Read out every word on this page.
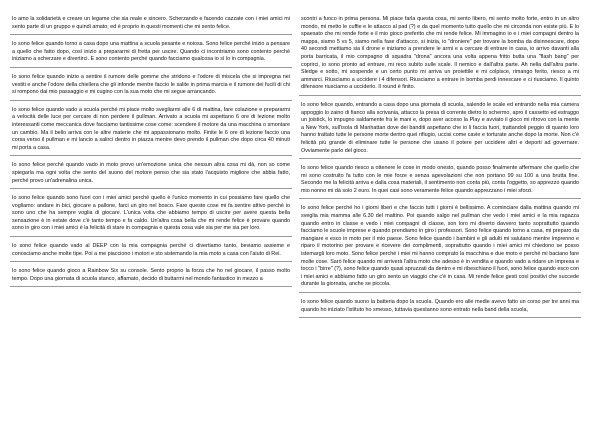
Io amo la solidarietà e creare un legame che sia reale e sincero. Scherzando e facendo cazzate con i miei amici mi sento parte di un gruppo e quindi amato; ed è proprio in questi momenti che mi sento felice.

Io sono felice quando torno a casa dopo una mattina a scuola pesante e noiosa. Sono felice perché inizio a pensare a quello che fatto dopo, così inizio a prepararmi di fretta per uscire. Quando ci incontriamo sono contento perché iniziamo a scherzare e divertirci. E sono contento perché quando facciamo qualcosa io sì lo in compagnia.

Io sono felice quando inizio a sentire il rumore delle gomme che stridono e l'odore di miscela che si impregna nei vestiti e anche l'odore della chiellera che gli infonde mentre faccio le salite in prima marcia e il rumore dei fucili di chi si rompono dai mio passaggio e mi cugino con la sua moto che mi segue arrancando.

Io sono felice quando vado a scuola perché mi piace molto svegliarmi alle 6 di mattina, fare colazione e prepararmi a velocità delle luce per cercare di non perdere il pullman. Arrivato a scuola mi aspettano 6 ore di lezione molto interessanti come meccanica dove facciamo tantissime cose come: scendere il motore da una macchina o smontare un cambio. Ma il bello arriva con le altre materie che mi appassionano molto. Finite le 6 ore di lezione faccio una corsa verso il pullman e mi lancio a salirci dentro in piazza mentre devo prendo il pullman che dopo circa 40 minuti mi porta a casa.

Io sono felice perché quando vado in moto provo un'emozione unica che nessun altra cosa mi dà, non so come spiegarla ma ogni volta che sento del suono del motore penso che sia stato l'acquisto migliore che abbia fatto, perché provo un'adrenalina unica.

Io sono felice quando sono fuori con i miei amici perché quello è l'unico momento in cui possiamo fare quello che vogliamo: andare in bici, giocare a pallone, farci un giro nel bosco. Fare queste cose mi fa sentire attivo perché io sono uno che ha sempre voglia di giocare. L'unica volta che abbiamo tempo di uscire per avere questa bella sensazione è in estate dove c'è tanto tempo e fa caldo. Un'altra cosa bella che mi rende felice è provare quando sono in giro con i miei amici è la felicità di stare in compagnia e questa cosa vale sia per me sia per loro.

Io sono felice quando vado al DEEP con la mia compagnia perché ci divertiamo tanto, beviamo assieme e conosciamo anche molte tipe. Poi a me piacciono i motori e sto sistemando la mia moto a casa con l'aiuto di Rei.

Io sono felice quando gioco a Rainbow Six su console. Sento proprio la forza che ho nel giocare, il passo molto tempo. Dopo una giornata di scuola stanco, affamato, decido di buttarmi nel mondo fantastico in mezzo a

scontri a fuoco in prima persona. Mi piace farla questa cosa, mi sento libero, mi sento molto forte, entro in un altro mondo, mi metto le cuffie e le attacco al pad (?) e da quel momento tutto quello che mi circonda non esiste più. E lo spaesato che mi rende forte e il mio gioco preferito che mi rende felice. Mi immagino io e i miei compagni dentro la mappa, siamo 5 vs 5, siamo nella fase d'attacco, si inizia, io "droniere" per trovare la bomba da disinnescare, dopo 40 secondi mettiamo sia il drone e iniziamo a prendere le armi e a cercare di entrare in casa, io arrivo davanti alla porta barricata, il mio compagno di squadra "drona" ancora una volta appena fritto butta una "flash bang" per coprirci, io sono pronto ad entrare, mi reco subito sulle scale. Il nemico e dall'altra parte. Ah nella dall'altra parte. Sledge e sotto, mi sospende e un certo punto mi arriva un proiettile e mi colpisce, rimango ferito, riesco a mi ammarci. Riusciamo a uccidere i 4 difensori. Riusciamo a entrare in bomba perdi innescare e ci riusciamo. Il quinto difensore riusciamo a ucciderlo. Il round è finito.

Io sono felice quando, entrando a casa dopo una giornata di scuola, salendo le scale ed entrando nella mia camera appoggio lo zaino di fianco alla scrivania, attacco la presa di corrente dietro lo schermo, apro il cassetto ed estraggo un joistick, lo impugno saldamente fra le mani e, dopo aver acceso la Play e avviato il gioco mi ritrovo con la mente a New York, sull'isola di Manhattan dove dei banditi aspettano che io li faccia fuori, trattandoli peggio di quanto loro hanno trattato tutte le persone morte dentro quei rifiugio, uccisi come cavie e torturate anche dopo la morte. Non c'è felicità più grande di eliminare tutte le persone che usano il potere per uccidere altri e deporti ad governare. Ovviamente parlo del gioco.

Io sono felice quando riesco a ottenere le cose in modo onesto, quando posso finalmente affermare che quello che mi sono costruito fa tutto con le mie forze e senza agevolazioni che non portano 99 su 100 a una brutta fine. Secondo me la felicità arriva e dalla cosa materiali, il sentimento non conta più, conta l'oggetto, so apprezzo quando mio nonno mi dà solo 2 euro. In quei casi sono veramente felice quando apprezzano i miei sforzi.

Io sono felice perché ho i giorni liberi e che faccio tutti i giorni è bellissimo. A cominciare dalla mattina quando mi sveglia mia mamma alle 6.30 del mattino. Poi quando salgo nel pullman che vedo i miei amici e la mia ragazza quando entro in classe e vedo i miei compagni di classe, son loro mi diverto davvero tanto soprattutto quando facciamo le scuole imprese e quando prendiamo in giro i professori. Sono felice quando torno a casa, mi preparo da mangiare e esco in moto per il mio paese. Sono felice quando i bambini e gli adulti mi salutano mentre imprenno e riparo il motorino per provare e ricevere dei complimenti, soprattutto quando i miei amici mi chiedono se posso istemargli loro moto. Sono felice perché i miei mi hanno comprato la macchina e due moto e perché mi baciano fare molte cose. Sarò felice quando mi arriverà l'altra moto che adesso è in vendita e quando vado a ridare un impresa e tocco i "birre" (?), sono felice quando quasi spruzzati da dentro e mi ribeschiano il fuori, sono felice quando esco con i miei amici e abbiamo fatto un giro sento un viaggio che c'è in casa. Mi rende felice gesti così positivi che succede durante la giornata, anche se piccola.

Io sono felice quando suono la batteria dopo la scuola. Quando ero alle medie avevo fatto un corso per tre anni ma quando ho iniziato l'istituto ho smesso, tuttavia questanno sono entrato nella band della scuola,
